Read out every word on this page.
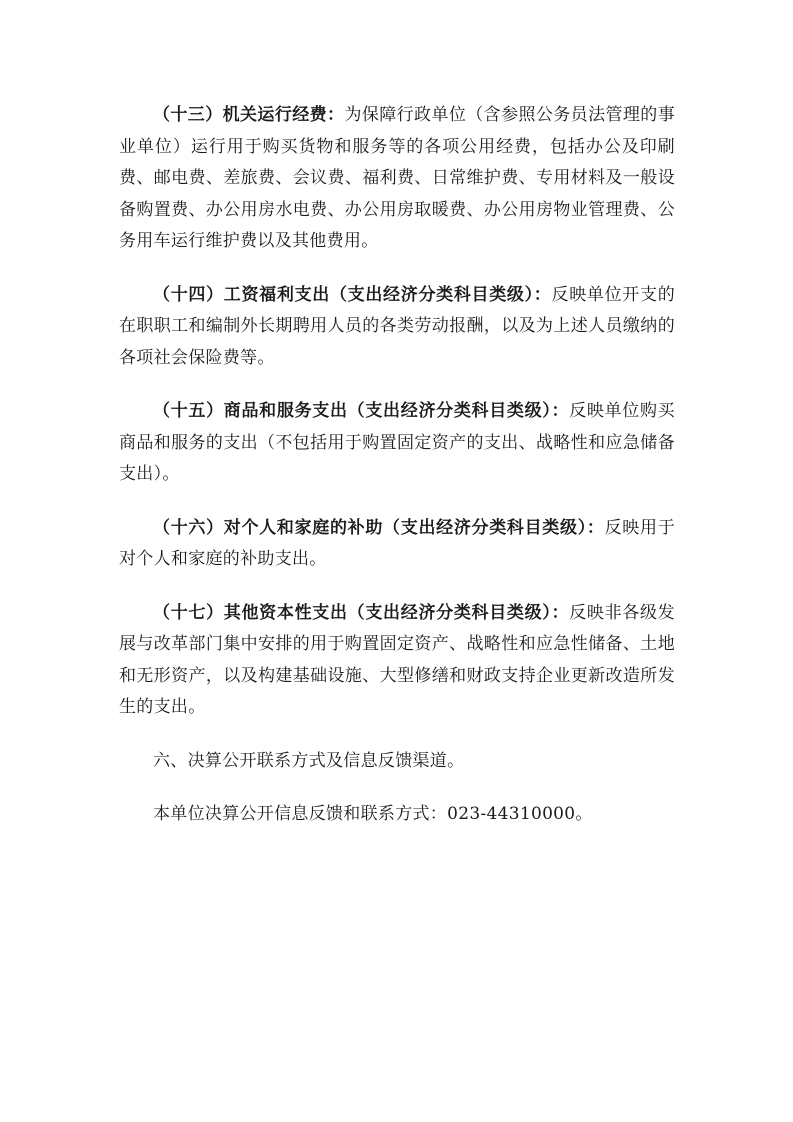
（十三）机关运行经费：为保障行政单位（含参照公务员法管理的事业单位）运行用于购买货物和服务等的各项公用经费，包括办公及印刷费、邮电费、差旅费、会议费、福利费、日常维护费、专用材料及一般设备购置费、办公用房水电费、办公用房取暖费、办公用房物业管理费、公务用车运行维护费以及其他费用。

（十四）工资福利支出（支出经济分类科目类级）：反映单位开支的在职职工和编制外长期聘用人员的各类劳动报酬，以及为上述人员缴纳的各项社会保险费等。

（十五）商品和服务支出（支出经济分类科目类级）：反映单位购买商品和服务的支出（不包括用于购置固定资产的支出、战略性和应急储备支出）。

（十六）对个人和家庭的补助（支出经济分类科目类级）：反映用于对个人和家庭的补助支出。

（十七）其他资本性支出（支出经济分类科目类级）：反映非各级发展与改革部门集中安排的用于购置固定资产、战略性和应急性储备、土地和无形资产，以及构建基础设施、大型修缮和财政支持企业更新改造所发生的支出。

六、决算公开联系方式及信息反馈渠道。

本单位决算公开信息反馈和联系方式：023-44310000。
